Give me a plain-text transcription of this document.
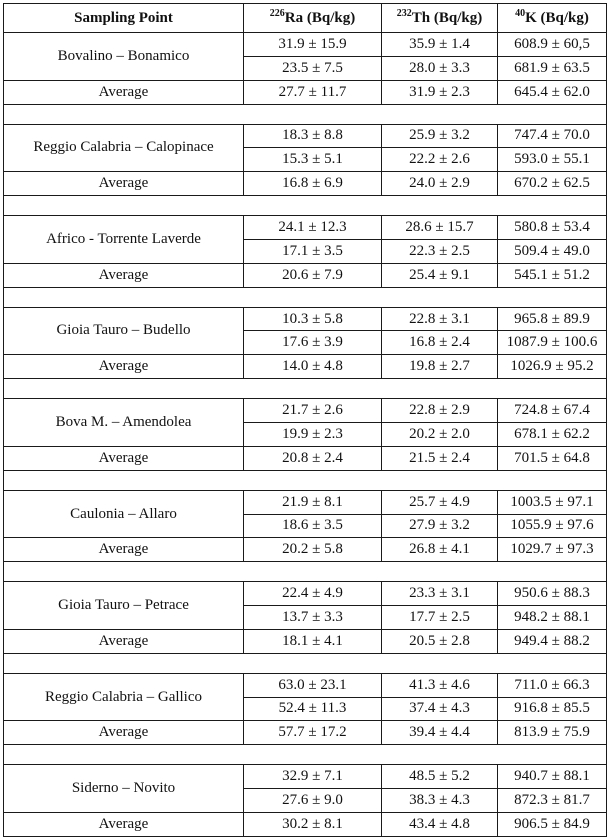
Sampling Point	$^{226}$Ra (Bq/kg)	$^{232}$Th (Bq/kg)	$^{40}$K (Bq/kg)
Bovalino – Bonamico	31.9 ± 15.9	35.9 ± 1.4	608.9 ± 60,5
	23.5 ± 7.5	28.0 ± 3.3	681.9 ± 63.5
Average	27.7 ± 11.7	31.9 ± 2.3	645.4 ± 62.0

Reggio Calabria – Calopinace	18.3 ± 8.8	25.9 ± 3.2	747.4 ± 70.0
	15.3 ± 5.1	22.2 ± 2.6	593.0 ± 55.1
Average	16.8 ± 6.9	24.0 ± 2.9	670.2 ± 62.5

Africo - Torrente Laverde	24.1 ± 12.3	28.6 ± 15.7	580.8 ± 53.4
	17.1 ± 3.5	22.3 ± 2.5	509.4 ± 49.0
Average	20.6 ± 7.9	25.4 ± 9.1	545.1 ± 51.2

Gioia Tauro – Budello	10.3 ± 5.8	22.8 ± 3.1	965.8 ± 89.9
	17.6 ± 3.9	16.8 ± 2.4	1087.9 ± 100.6
Average	14.0 ± 4.8	19.8 ± 2.7	1026.9 ± 95.2

Bova M. – Amendolea	21.7 ± 2.6	22.8 ± 2.9	724.8 ± 67.4
	19.9 ± 2.3	20.2 ± 2.0	678.1 ± 62.2
Average	20.8 ± 2.4	21.5 ± 2.4	701.5 ± 64.8

Caulonia – Allaro	21.9 ± 8.1	25.7 ± 4.9	1003.5 ± 97.1
	18.6 ± 3.5	27.9 ± 3.2	1055.9 ± 97.6
Average	20.2 ± 5.8	26.8 ± 4.1	1029.7 ± 97.3

Gioia Tauro – Petrace	22.4 ± 4.9	23.3 ± 3.1	950.6 ± 88.3
	13.7 ± 3.3	17.7 ± 2.5	948.2 ± 88.1
Average	18.1 ± 4.1	20.5 ± 2.8	949.4 ± 88.2

Reggio Calabria – Gallico	63.0 ± 23.1	41.3 ± 4.6	711.0 ± 66.3
	52.4 ± 11.3	37.4 ± 4.3	916.8 ± 85.5
Average	57.7 ± 17.2	39.4 ± 4.4	813.9 ± 75.9

Siderno – Novito	32.9 ± 7.1	48.5 ± 5.2	940.7 ± 88.1
	27.6 ± 9.0	38.3 ± 4.3	872.3 ± 81.7
Average	30.2 ± 8.1	43.4 ± 4.8	906.5 ± 84.9
